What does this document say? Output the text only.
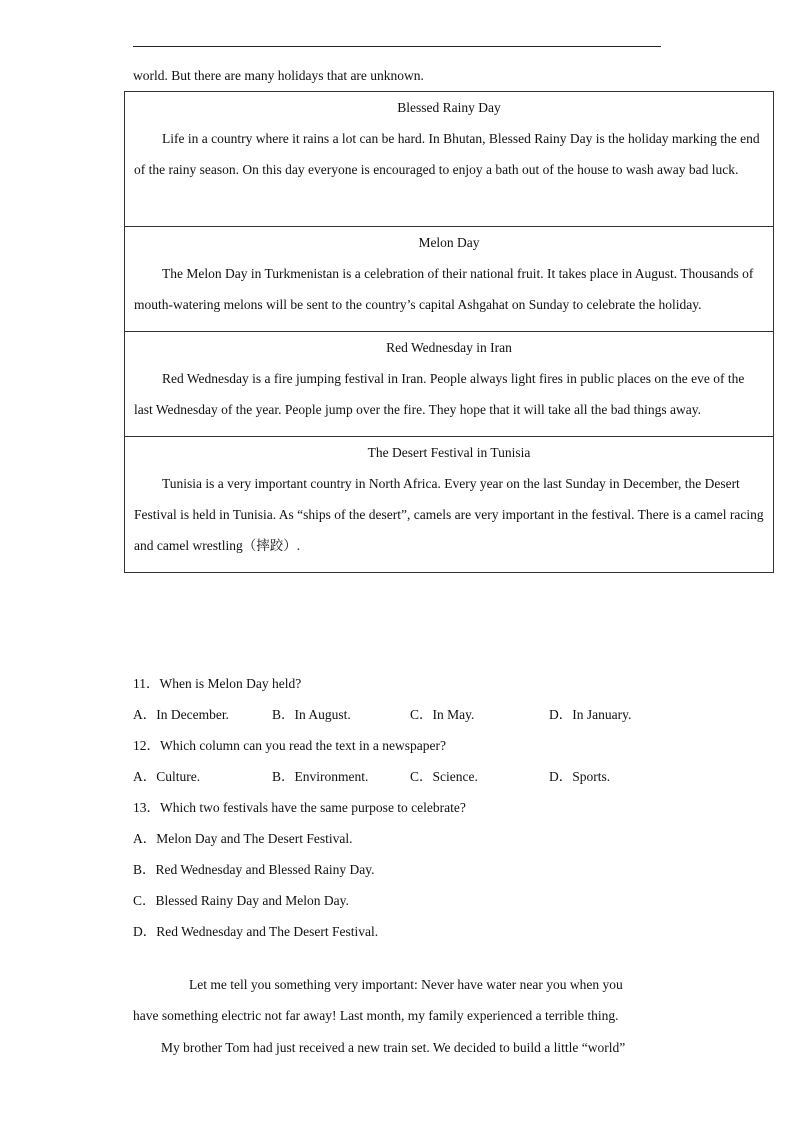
world. But there are many holidays that are unknown.
Blessed Rainy Day
Life in a country where it rains a lot can be hard. In Bhutan, Blessed Rainy Day is the holiday marking the end of the rainy season. On this day everyone is encouraged to enjoy a bath out of the house to wash away bad luck.
Melon Day
The Melon Day in Turkmenistan is a celebration of their national fruit. It takes place in August. Thousands of mouth-watering melons will be sent to the country’s capital Ashgahat on Sunday to celebrate the holiday.
Red Wednesday in Iran
Red Wednesday is a fire jumping festival in Iran. People always light fires in public places on the eve of the last Wednesday of the year. People jump over the fire. They hope that it will take all the bad things away.
The Desert Festival in Tunisia
Tunisia is a very important country in North Africa. Every year on the last Sunday in December, the Desert Festival is held in Tunisia. As “ships of the desert”, camels are very important in the festival. There is a camel racing and camel wrestling（摔跤）.
11．When is Melon Day held?
A．In December.	B．In August.	C．In May.	D．In January.
12．Which column can you read the text in a newspaper?
A．Culture.	B．Environment.	C．Science.	D．Sports.
13．Which two festivals have the same purpose to celebrate?
A．Melon Day and The Desert Festival.
B．Red Wednesday and Blessed Rainy Day.
C．Blessed Rainy Day and Melon Day.
D．Red Wednesday and The Desert Festival.
Let me tell you something very important: Never have water near you when you
have something electric not far away! Last month, my family experienced a terrible thing.
My brother Tom had just received a new train set. We decided to build a little “world”
